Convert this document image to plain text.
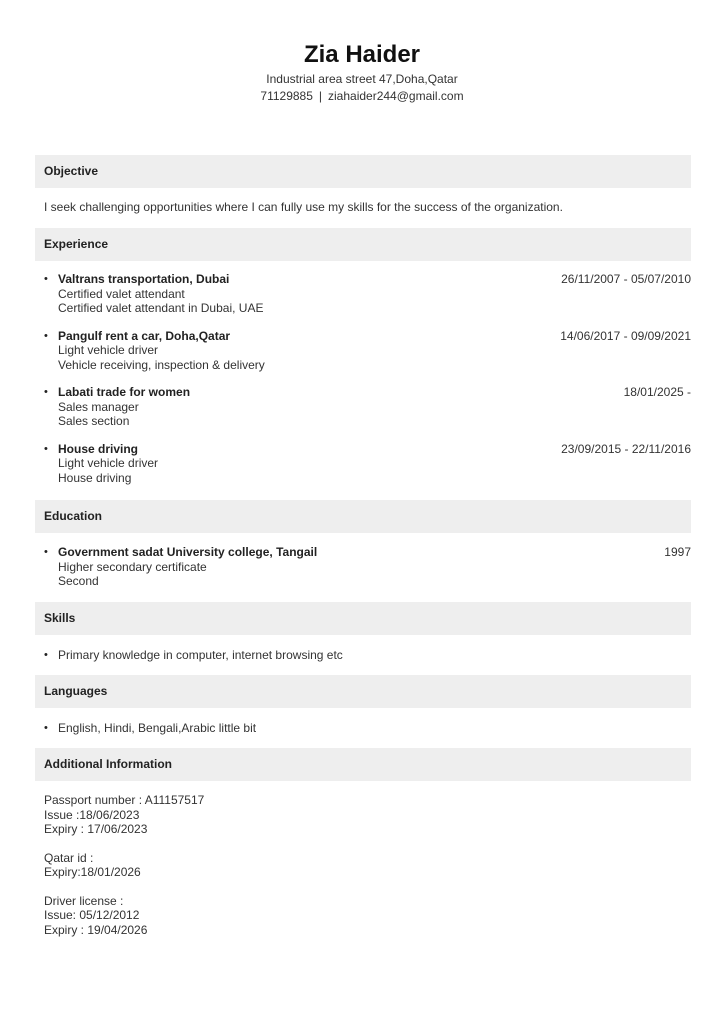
Zia Haider
Industrial area street 47,Doha,Qatar
71129885 | ziahaider244@gmail.com
Objective
I seek challenging opportunities where I can fully use my skills for the success of the organization.
Experience
• Valtrans transportation, Dubai	26/11/2007 - 05/07/2010
Certified valet attendant
Certified valet attendant in Dubai, UAE
• Pangulf rent a car, Doha,Qatar	14/06/2017 - 09/09/2021
Light vehicle driver
Vehicle receiving, inspection & delivery
• Labati trade for women	18/01/2025 -
Sales manager
Sales section
• House driving	23/09/2015 - 22/11/2016
Light vehicle driver
House driving
Education
• Government sadat University college, Tangail	1997
Higher secondary certificate
Second
Skills
• Primary knowledge in computer, internet browsing etc
Languages
• English, Hindi, Bengali,Arabic little bit
Additional Information
Passport number : A11157517
Issue :18/06/2023
Expiry : 17/06/2023
Qatar id :
Expiry:18/01/2026
Driver license :
Issue: 05/12/2012
Expiry : 19/04/2026
